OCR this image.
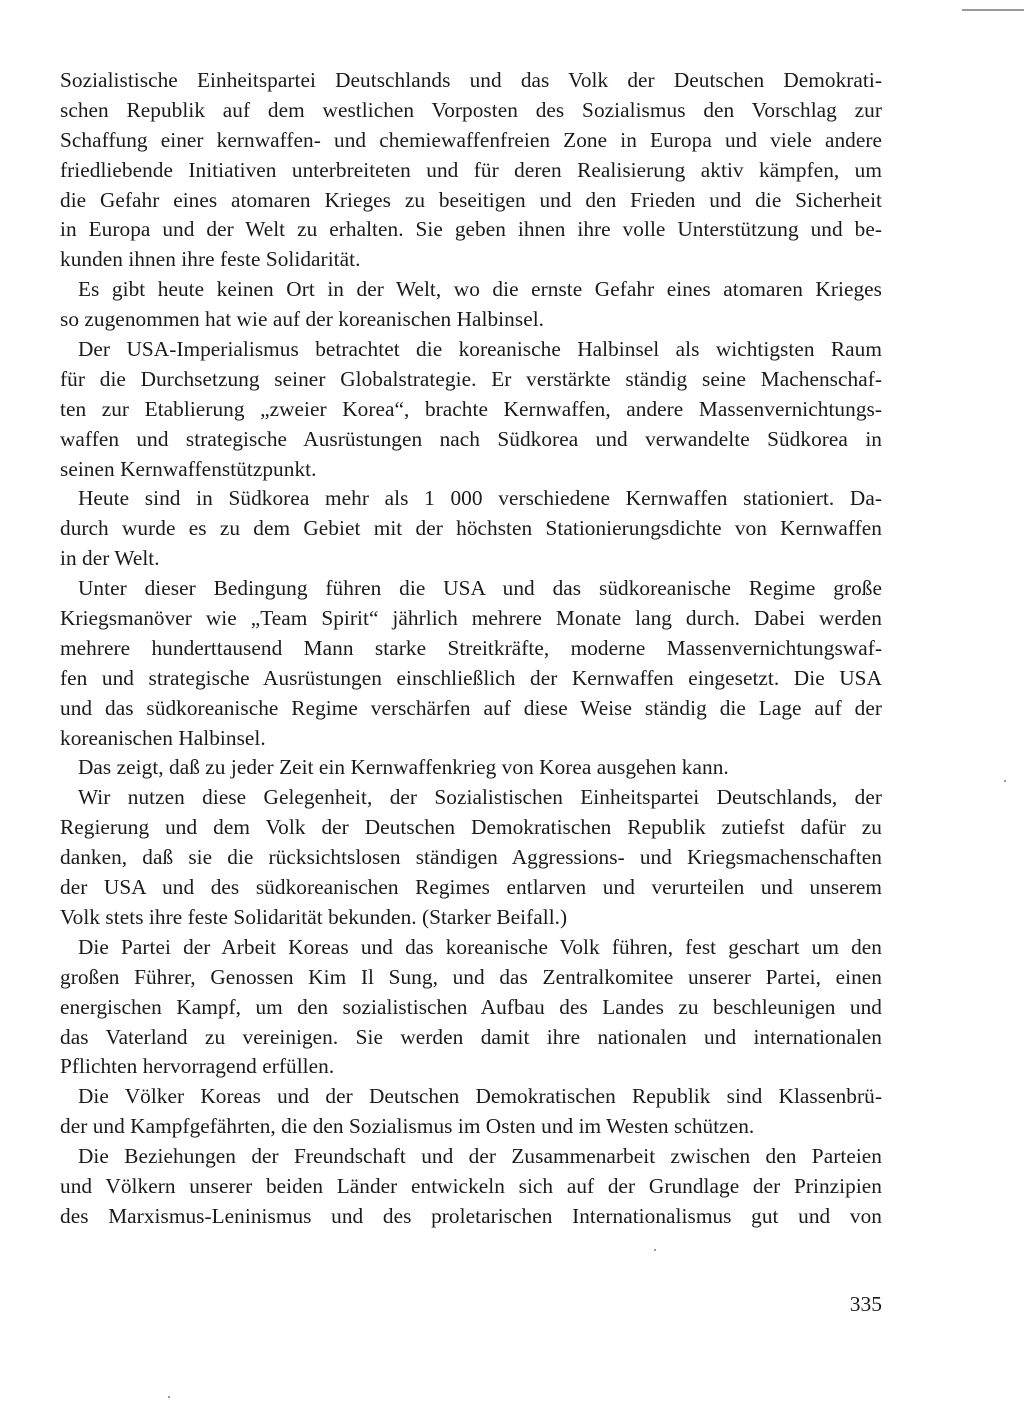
Sozialistische Einheitspartei Deutschlands und das Volk der Deutschen Demokrati-
schen Republik auf dem westlichen Vorposten des Sozialismus den Vorschlag zur
Schaffung einer kernwaffen- und chemiewaffenfreien Zone in Europa und viele andere
friedliebende Initiativen unterbreiteten und für deren Realisierung aktiv kämpfen, um
die Gefahr eines atomaren Krieges zu beseitigen und den Frieden und die Sicherheit
in Europa und der Welt zu erhalten. Sie geben ihnen ihre volle Unterstützung und be-
kunden ihnen ihre feste Solidarität.
Es gibt heute keinen Ort in der Welt, wo die ernste Gefahr eines atomaren Krieges
so zugenommen hat wie auf der koreanischen Halbinsel.
Der USA-Imperialismus betrachtet die koreanische Halbinsel als wichtigsten Raum
für die Durchsetzung seiner Globalstrategie. Er verstärkte ständig seine Machenschaf-
ten zur Etablierung „zweier Korea“, brachte Kernwaffen, andere Massenvernichtungs-
waffen und strategische Ausrüstungen nach Südkorea und verwandelte Südkorea in
seinen Kernwaffenstützpunkt.
Heute sind in Südkorea mehr als 1 000 verschiedene Kernwaffen stationiert. Da-
durch wurde es zu dem Gebiet mit der höchsten Stationierungsdichte von Kernwaffen
in der Welt.
Unter dieser Bedingung führen die USA und das südkoreanische Regime große
Kriegsmanöver wie „Team Spirit“ jährlich mehrere Monate lang durch. Dabei werden
mehrere hunderttausend Mann starke Streitkräfte, moderne Massenvernichtungswaf-
fen und strategische Ausrüstungen einschließlich der Kernwaffen eingesetzt. Die USA
und das südkoreanische Regime verschärfen auf diese Weise ständig die Lage auf der
koreanischen Halbinsel.
Das zeigt, daß zu jeder Zeit ein Kernwaffenkrieg von Korea ausgehen kann.
Wir nutzen diese Gelegenheit, der Sozialistischen Einheitspartei Deutschlands, der
Regierung und dem Volk der Deutschen Demokratischen Republik zutiefst dafür zu
danken, daß sie die rücksichtslosen ständigen Aggressions- und Kriegsmachenschaften
der USA und des südkoreanischen Regimes entlarven und verurteilen und unserem
Volk stets ihre feste Solidarität bekunden. (Starker Beifall.)
Die Partei der Arbeit Koreas und das koreanische Volk führen, fest geschart um den
großen Führer, Genossen Kim Il Sung, und das Zentralkomitee unserer Partei, einen
energischen Kampf, um den sozialistischen Aufbau des Landes zu beschleunigen und
das Vaterland zu vereinigen. Sie werden damit ihre nationalen und internationalen
Pflichten hervorragend erfüllen.
Die Völker Koreas und der Deutschen Demokratischen Republik sind Klassenbrü-
der und Kampfgefährten, die den Sozialismus im Osten und im Westen schützen.
Die Beziehungen der Freundschaft und der Zusammenarbeit zwischen den Parteien
und Völkern unserer beiden Länder entwickeln sich auf der Grundlage der Prinzipien
des Marxismus-Leninismus und des proletarischen Internationalismus gut und von
335
